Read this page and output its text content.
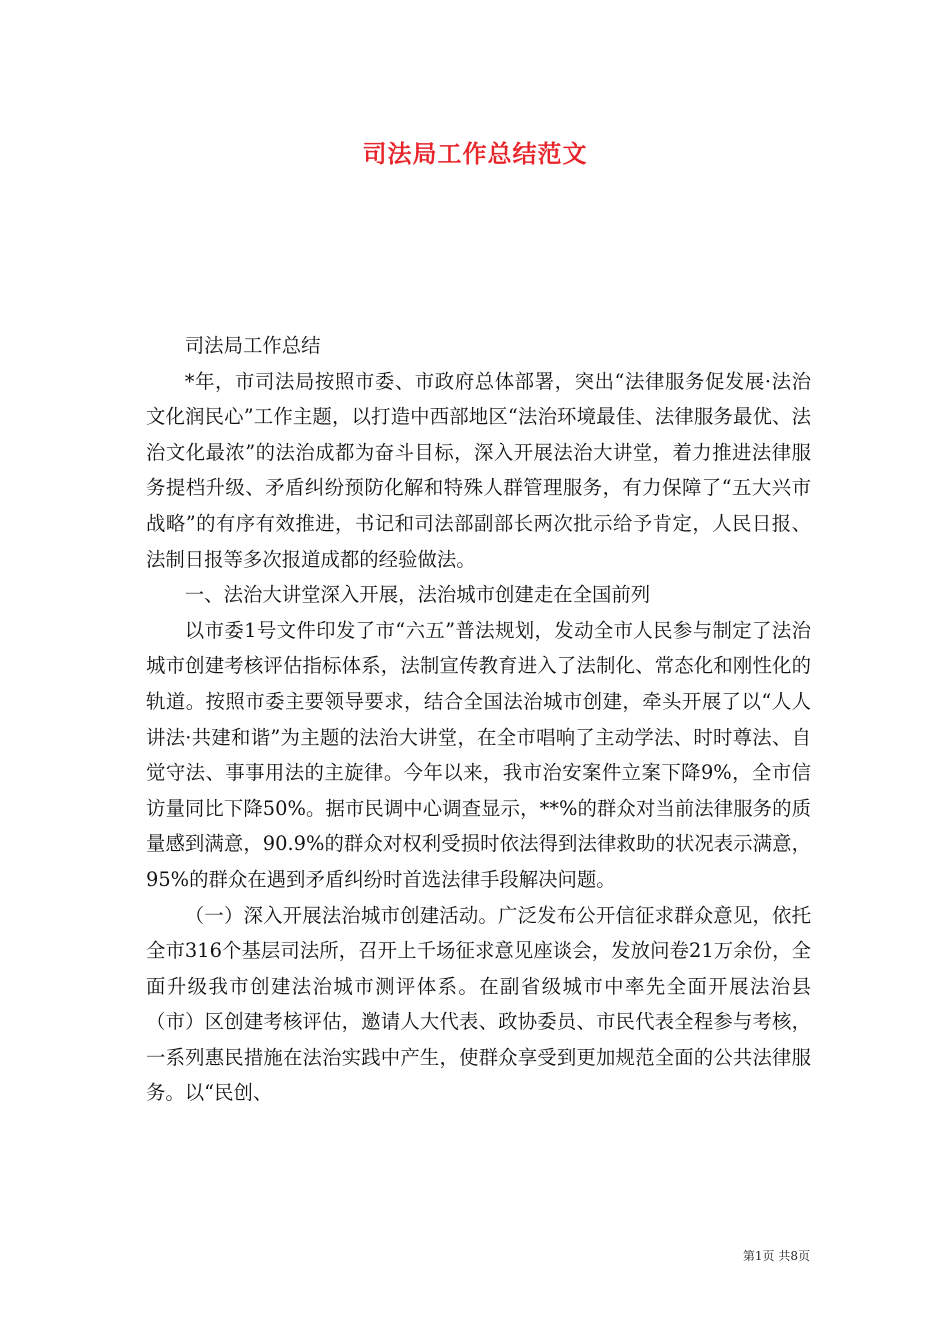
司法局工作总结范文

司法局工作总结

*年，市司法局按照市委、市政府总体部署，突出“法律服务促发展·法治文化润民心”工作主题，以打造中西部地区“法治环境最佳、法律服务最优、法治文化最浓”的法治成都为奋斗目标，深入开展法治大讲堂，着力推进法律服务提档升级、矛盾纠纷预防化解和特殊人群管理服务，有力保障了“五大兴市战略”的有序有效推进，书记和司法部副部长两次批示给予肯定，人民日报、法制日报等多次报道成都的经验做法。

一、法治大讲堂深入开展，法治城市创建走在全国前列

以市委1号文件印发了市“六五”普法规划，发动全市人民参与制定了法治城市创建考核评估指标体系，法制宣传教育进入了法制化、常态化和刚性化的轨道。按照市委主要领导要求，结合全国法治城市创建，牵头开展了以“人人讲法·共建和谐”为主题的法治大讲堂，在全市唱响了主动学法、时时尊法、自觉守法、事事用法的主旋律。今年以来，我市治安案件立案下降9%，全市信访量同比下降50%。据市民调中心调查显示，**%的群众对当前法律服务的质量感到满意，90.9%的群众对权利受损时依法得到法律救助的状况表示满意，95%的群众在遇到矛盾纠纷时首选法律手段解决问题。

（一）深入开展法治城市创建活动。广泛发布公开信征求群众意见，依托全市316个基层司法所，召开上千场征求意见座谈会，发放问卷21万余份，全面升级我市创建法治城市测评体系。在副省级城市中率先全面开展法治县（市）区创建考核评估，邀请人大代表、政协委员、市民代表全程参与考核，一系列惠民措施在法治实践中产生，使群众享受到更加规范全面的公共法律服务。以“民创、

第1页 共8页
